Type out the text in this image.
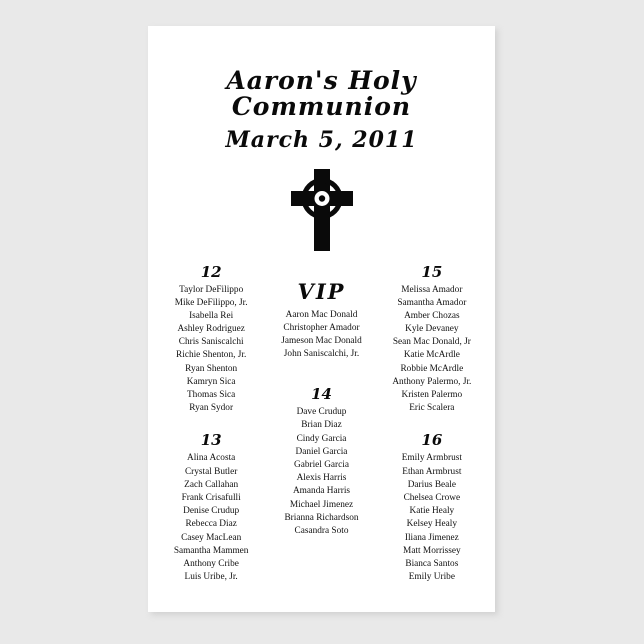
Aaron's Holy Communion
March 5, 2011
12
Taylor DeFilippo
Mike DeFilippo, Jr.
Isabella Rei
Ashley Rodriguez
Chris Saniscalchi
Richie Shenton, Jr.
Ryan Shenton
Kamryn Sica
Thomas Sica
Ryan Sydor
13
Alina Acosta
Crystal Butler
Zach Callahan
Frank Crisafulli
Denise Crudup
Rebecca Diaz
Casey MacLean
Samantha Mammen
Anthony Cribe
Luis Uribe, Jr.
VIP
Aaron Mac Donald
Christopher Amador
Jameson Mac Donald
John Saniscalchi, Jr.
14
Dave Crudup
Brian Diaz
Cindy Garcia
Daniel Garcia
Gabriel Garcia
Alexis Harris
Amanda Harris
Michael Jimenez
Brianna Richardson
Casandra Soto
15
Melissa Amador
Samantha Amador
Amber Chozas
Kyle Devaney
Sean Mac Donald, Jr
Katie McArdle
Robbie McArdle
Anthony Palermo, Jr.
Kristen Palermo
Eric Scalera
16
Emily Armbrust
Ethan Armbrust
Darius Beale
Chelsea Crowe
Katie Healy
Kelsey Healy
Iliana Jimenez
Matt Morrissey
Bianca Santos
Emily Uribe
